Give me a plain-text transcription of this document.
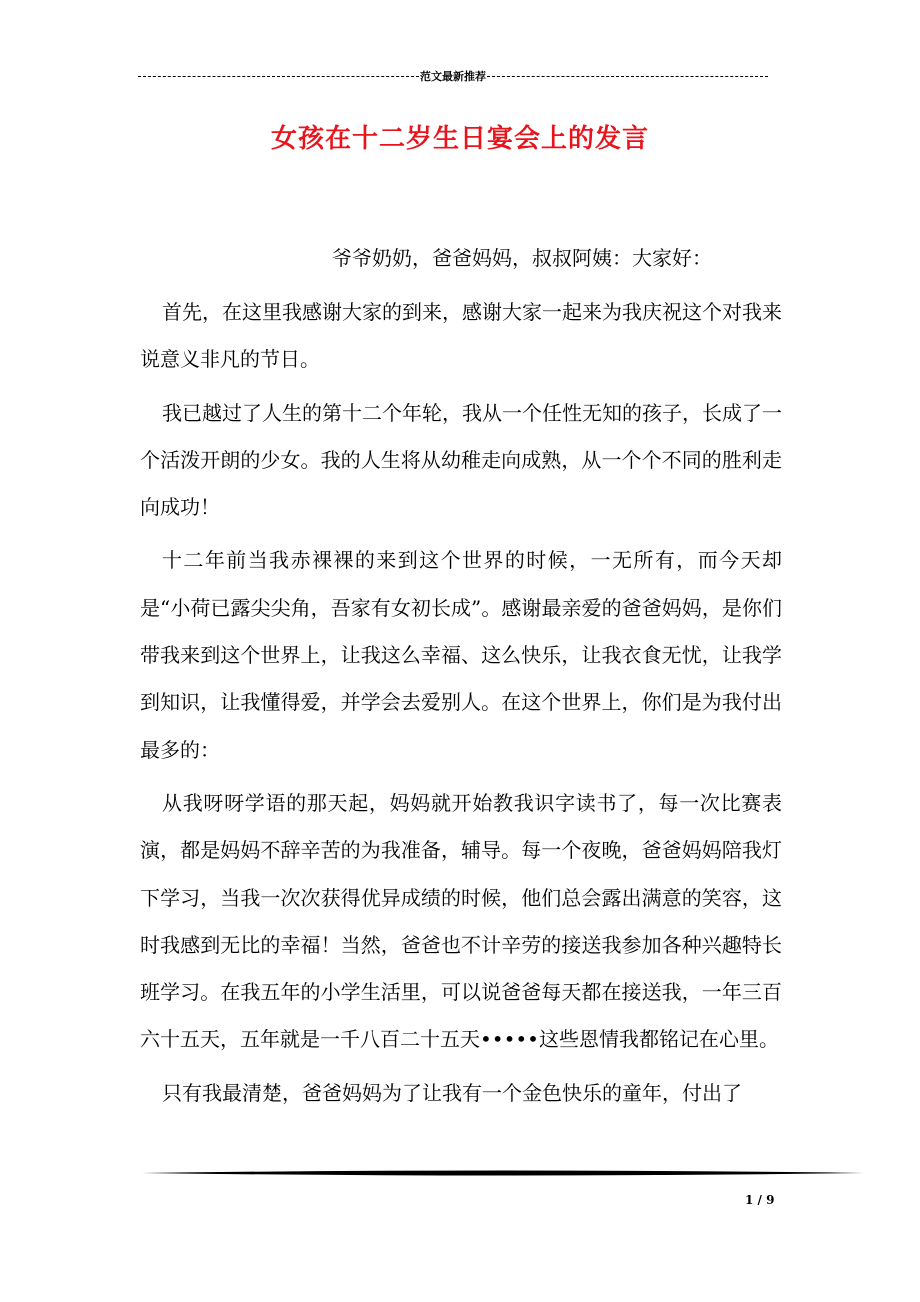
范文最新推荐
女孩在十二岁生日宴会上的发言
爷爷奶奶，爸爸妈妈，叔叔阿姨：大家好：

首先，在这里我感谢大家的到来，感谢大家一起来为我庆祝这个对我来说意义非凡的节日。

我已越过了人生的第十二个年轮，我从一个任性无知的孩子，长成了一个活泼开朗的少女。我的人生将从幼稚走向成熟，从一个个不同的胜利走向成功！

十二年前当我赤裸裸的来到这个世界的时候，一无所有，而今天却是“小荷已露尖尖角，吾家有女初长成”。感谢最亲爱的爸爸妈妈，是你们带我来到这个世界上，让我这么幸福、这么快乐，让我衣食无忧，让我学到知识，让我懂得爱，并学会去爱别人。在这个世界上，你们是为我付出最多的：

从我呀呀学语的那天起，妈妈就开始教我识字读书了，每一次比赛表演，都是妈妈不辞辛苦的为我准备，辅导。每一个夜晚，爸爸妈妈陪我灯下学习，当我一次次获得优异成绩的时候，他们总会露出满意的笑容，这时我感到无比的幸福！当然，爸爸也不计辛劳的接送我参加各种兴趣特长班学习。在我五年的小学生活里，可以说爸爸每天都在接送我，一年三百六十五天，五年就是一千八百二十五天•••••这些恩情我都铭记在心里。

只有我最清楚，爸爸妈妈为了让我有一个金色快乐的童年，付出了

1 / 9
